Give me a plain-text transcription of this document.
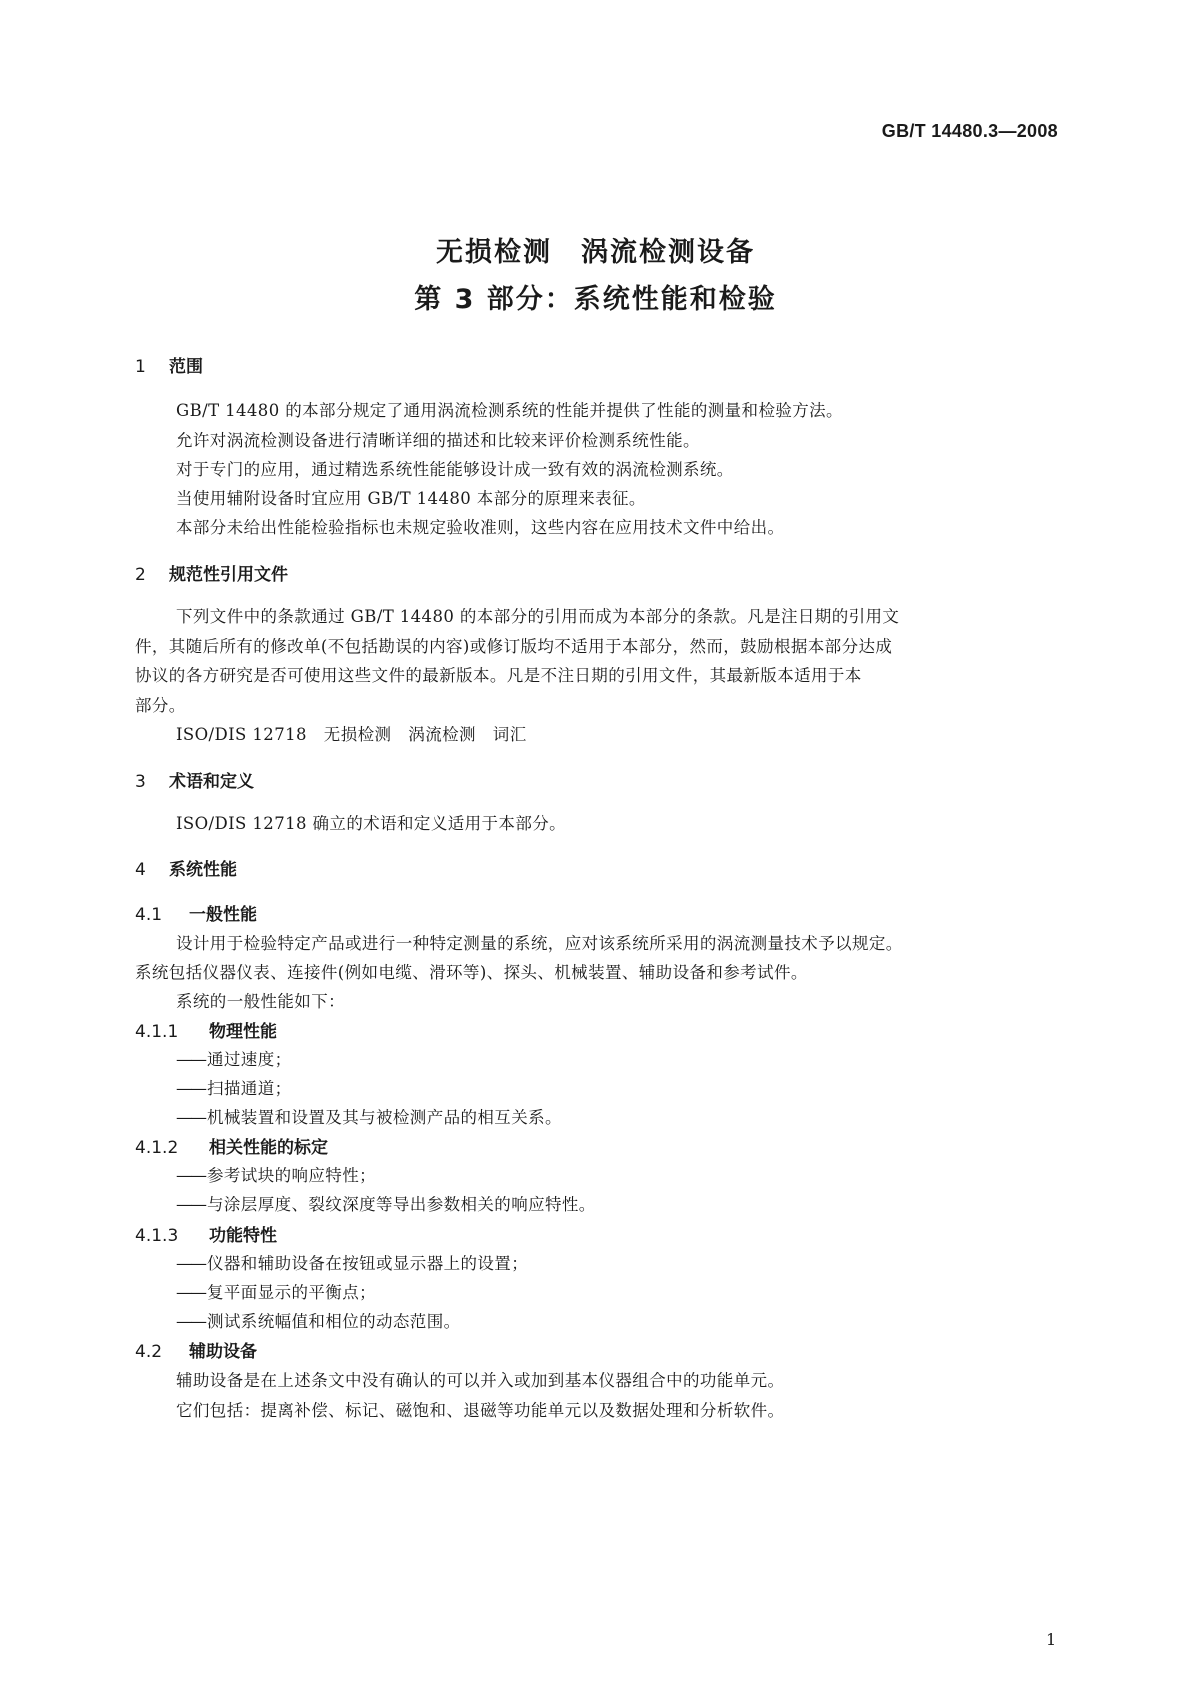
GB/T 14480.3—2008
无损检测　涡流检测设备
第 3 部分：系统性能和检验
1 范围
GB/T 14480 的本部分规定了通用涡流检测系统的性能并提供了性能的测量和检验方法。
允许对涡流检测设备进行清晰详细的描述和比较来评价检测系统性能。
对于专门的应用，通过精选系统性能能够设计成一致有效的涡流检测系统。
当使用辅附设备时宜应用 GB/T 14480 本部分的原理来表征。
本部分未给出性能检验指标也未规定验收准则，这些内容在应用技术文件中给出。
2 规范性引用文件
下列文件中的条款通过 GB/T 14480 的本部分的引用而成为本部分的条款。凡是注日期的引用文
件，其随后所有的修改单(不包括勘误的内容)或修订版均不适用于本部分，然而，鼓励根据本部分达成
协议的各方研究是否可使用这些文件的最新版本。凡是不注日期的引用文件，其最新版本适用于本
部分。
ISO/DIS 12718　无损检测　涡流检测　词汇
3 术语和定义
ISO/DIS 12718 确立的术语和定义适用于本部分。
4 系统性能
4.1 一般性能
设计用于检验特定产品或进行一种特定测量的系统，应对该系统所采用的涡流测量技术予以规定。
系统包括仪器仪表、连接件(例如电缆、滑环等)、探头、机械装置、辅助设备和参考试件。
系统的一般性能如下：
4.1.1 物理性能
—— 通过速度；
—— 扫描通道；
—— 机械装置和设置及其与被检测产品的相互关系。
4.1.2 相关性能的标定
—— 参考试块的响应特性；
—— 与涂层厚度、裂纹深度等导出参数相关的响应特性。
4.1.3 功能特性
—— 仪器和辅助设备在按钮或显示器上的设置；
—— 复平面显示的平衡点；
—— 测试系统幅值和相位的动态范围。
4.2 辅助设备
辅助设备是在上述条文中没有确认的可以并入或加到基本仪器组合中的功能单元。
它们包括：提离补偿、标记、磁饱和、退磁等功能单元以及数据处理和分析软件。
1
